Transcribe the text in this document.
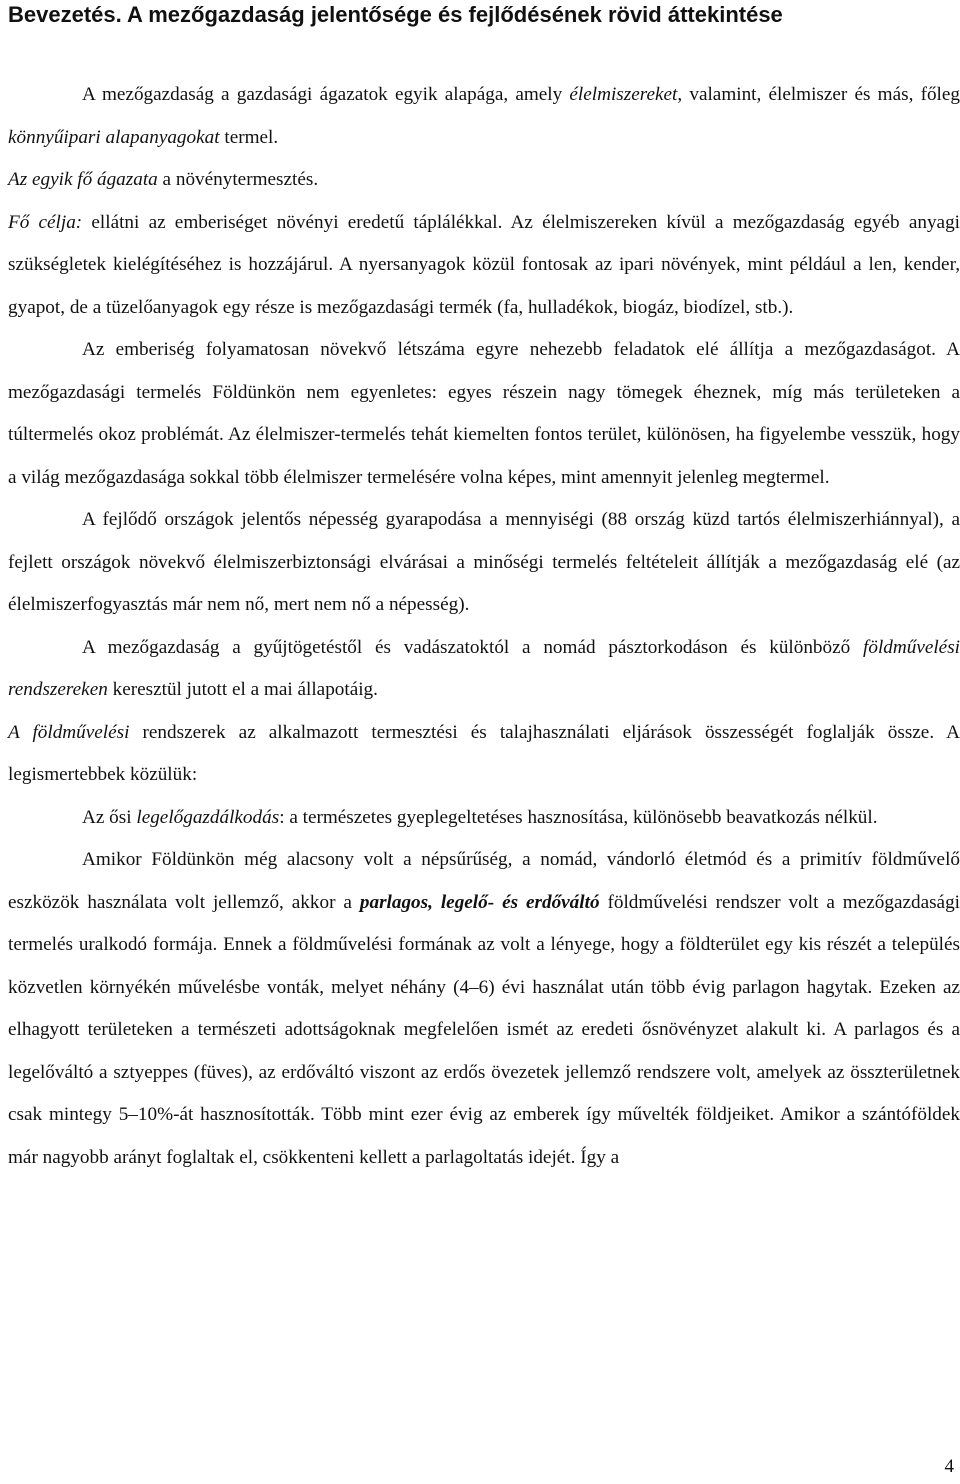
Bevezetés. A mezőgazdaság jelentősége és fejlődésének rövid áttekintése

A mezőgazdaság a gazdasági ágazatok egyik alapága, amely élelmiszereket, valamint, élelmiszer és más, főleg könnyűipari alapanyagokat termel.

Az egyik fő ágazata a növénytermesztés.

Fő célja: ellátni az emberiséget növényi eredetű táplálékkal. Az élelmiszereken kívül a mezőgazdaság egyéb anyagi szükségletek kielégítéséhez is hozzájárul. A nyersanyagok közül fontosak az ipari növények, mint például a len, kender, gyapot, de a tüzelőanyagok egy része is mezőgazdasági termék (fa, hulladékok, biogáz, biodízel, stb.).

Az emberiség folyamatosan növekvő létszáma egyre nehezebb feladatok elé állítja a mezőgazdaságot. A mezőgazdasági termelés Földünkön nem egyenletes: egyes részein nagy tömegek éheznek, míg más területeken a túltermelés okoz problémát. Az élelmiszer-termelés tehát kiemelten fontos terület, különösen, ha figyelembe vesszük, hogy a világ mezőgazdasága sokkal több élelmiszer termelésére volna képes, mint amennyit jelenleg megtermel.

A fejlődő országok jelentős népesség gyarapodása a mennyiségi (88 ország küzd tartós élelmiszerhiánnyal), a fejlett országok növekvő élelmiszerbiztonsági elvárásai a minőségi termelés feltételeit állítják a mezőgazdaság elé (az élelmiszerfogyasztás már nem nő, mert nem nő a népesség).

A mezőgazdaság a gyűjtögetéstől és vadászatoktól a nomád pásztorkodáson és különböző földművelési rendszereken keresztül jutott el a mai állapotáig.

A földművelési rendszerek az alkalmazott termesztési és talajhasználati eljárások összességét foglalják össze. A legismertebbek közülük:

Az ősi legelőgazdálkodás: a természetes gyeplegeltetéses hasznosítása, különösebb beavatkozás nélkül.

Amikor Földünkön még alacsony volt a népsűrűség, a nomád, vándorló életmód és a primitív földművelő eszközök használata volt jellemző, akkor a parlagos, legelő- és erdőváltó földművelési rendszer volt a mezőgazdasági termelés uralkodó formája. Ennek a földművelési formának az volt a lényege, hogy a földterület egy kis részét a település közvetlen környékén művelésbe vonták, melyet néhány (4–6) évi használat után több évig parlagon hagytak. Ezeken az elhagyott területeken a természeti adottságoknak megfelelően ismét az eredeti ősnövényzet alakult ki. A parlagos és a legelőváltó a sztyeppes (füves), az erdőváltó viszont az erdős övezetek jellemző rendszere volt, amelyek az összterületnek csak mintegy 5–10%-át hasznosították. Több mint ezer évig az emberek így művelték földjeiket. Amikor a szántóföldek már nagyobb arányt foglaltak el, csökkenteni kellett a parlagoltatás idejét. Így a

4
